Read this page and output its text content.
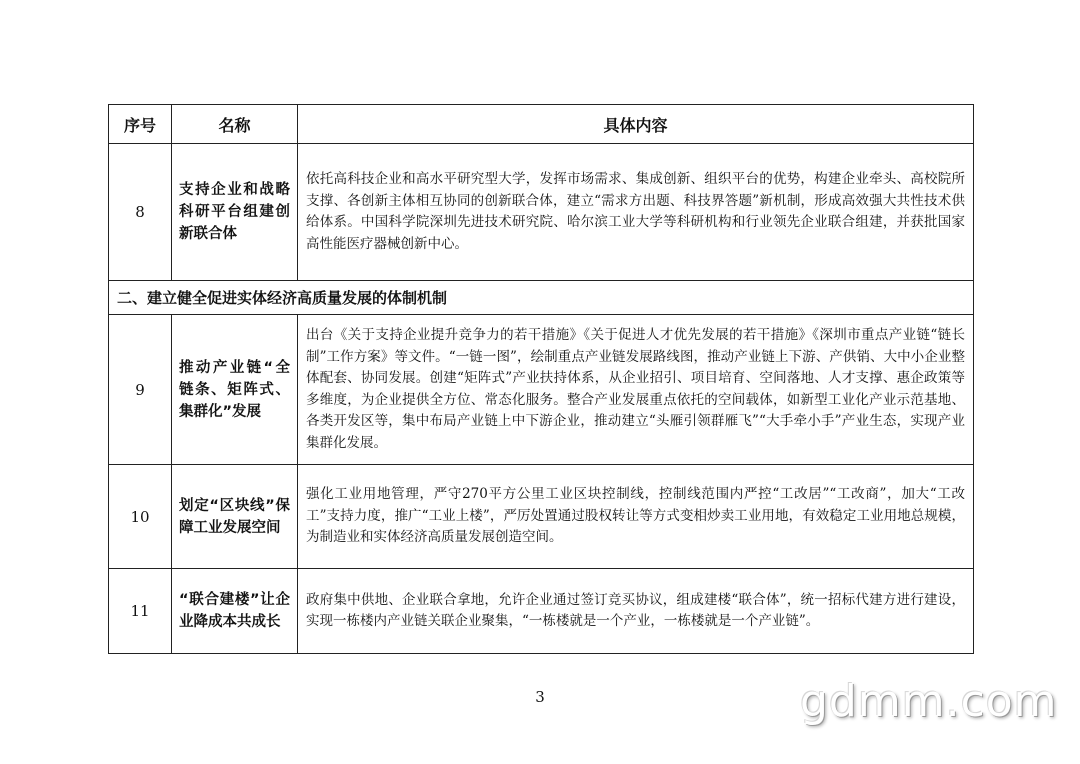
序号	名称	具体内容
8	支持企业和战略科研平台组建创新联合体	依托高科技企业和高水平研究型大学，发挥市场需求、集成创新、组织平台的优势，构建企业牵头、高校院所支撑、各创新主体相互协同的创新联合体，建立“需求方出题、科技界答题”新机制，形成高效强大共性技术供给体系。中国科学院深圳先进技术研究院、哈尔滨工业大学等科研机构和行业领先企业联合组建，并获批国家高性能医疗器械创新中心。
二、建立健全促进实体经济高质量发展的体制机制		
9	推动产业链“全链条、矩阵式、集群化”发展	出台《关于支持企业提升竞争力的若干措施》《关于促进人才优先发展的若干措施》《深圳市重点产业链“链长制”工作方案》等文件。“一链一图”，绘制重点产业链发展路线图，推动产业链上下游、产供销、大中小企业整体配套、协同发展。创建“矩阵式”产业扶持体系，从企业招引、项目培育、空间落地、人才支撑、惠企政策等多维度，为企业提供全方位、常态化服务。整合产业发展重点依托的空间载体，如新型工业化产业示范基地、各类开发区等，集中布局产业链上中下游企业，推动建立“头雁引领群雁飞”“大手牵小手”产业生态，实现产业集群化发展。
10	划定“区块线”保障工业发展空间	强化工业用地管理，严守270平方公里工业区块控制线，控制线范围内严控“工改居”“工改商”，加大“工改工”支持力度，推广“工业上楼”，严厉处置通过股权转让等方式变相炒卖工业用地，有效稳定工业用地总规模，为制造业和实体经济高质量发展创造空间。
11	“联合建楼”让企业降成本共成长	政府集中供地、企业联合拿地，允许企业通过签订竞买协议，组成建楼“联合体”，统一招标代建方进行建设，实现一栋楼内产业链关联企业聚集，“一栋楼就是一个产业，一栋楼就是一个产业链”。
3	gdmm.com
